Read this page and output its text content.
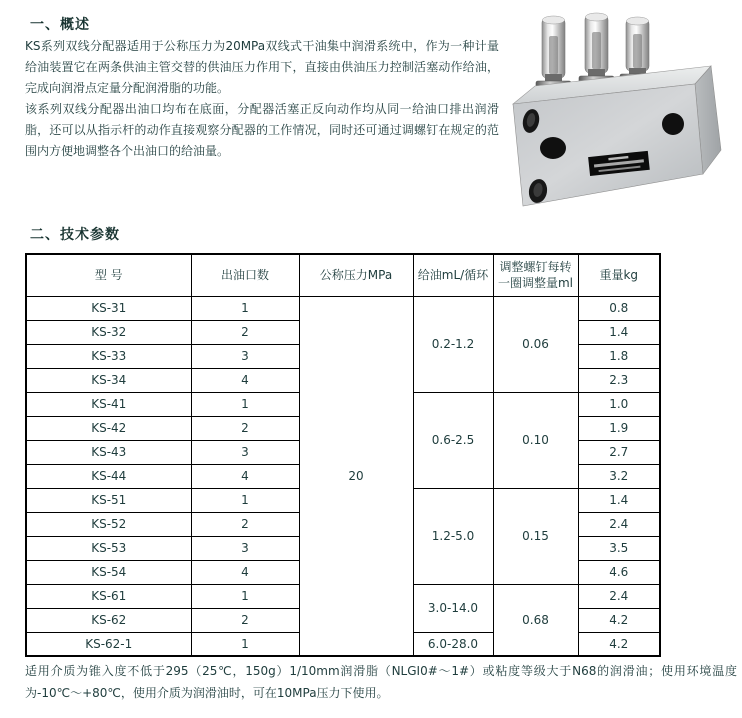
一、概述
KS系列双线分配器适用于公称压力为20MPa双线式干油集中润滑系统中，作为一种计量给油装置它在两条供油主管交替的供油压力作用下，直接由供油压力控制活塞动作给油，完成向润滑点定量分配润滑脂的功能。
该系列双线分配器出油口均布在底面，分配器活塞正反向动作均从同一给油口排出润滑脂，还可以从指示杆的动作直接观察分配器的工作情况，同时还可通过调螺钉在规定的范围内方便地调整各个出油口的给油量。
二、技术参数
型 号	出油口数	公称压力MPa	给油mL/循环	调整螺钉每转一圈调整量ml	重量kg
KS-31	1	20	0.2-1.2	0.06	0.8
KS-32	2				1.4
KS-33	3				1.8
KS-34	4				2.3
KS-41	1		0.6-2.5	0.10	1.0
KS-42	2				1.9
KS-43	3				2.7
KS-44	4				3.2
KS-51	1		1.2-5.0	0.15	1.4
KS-52	2				2.4
KS-53	3				3.5
KS-54	4				4.6
KS-61	1		3.0-14.0	0.68	2.4
KS-62	2				4.2
KS-62-1	1		6.0-28.0		4.2
适用介质为锥入度不低于295（25℃，150g）1/10mm润滑脂（NLGI0#～1#）或粘度等级大于N68的润滑油；使用环境温度为-10℃～+80℃，使用介质为润滑油时，可在10MPa压力下使用。
